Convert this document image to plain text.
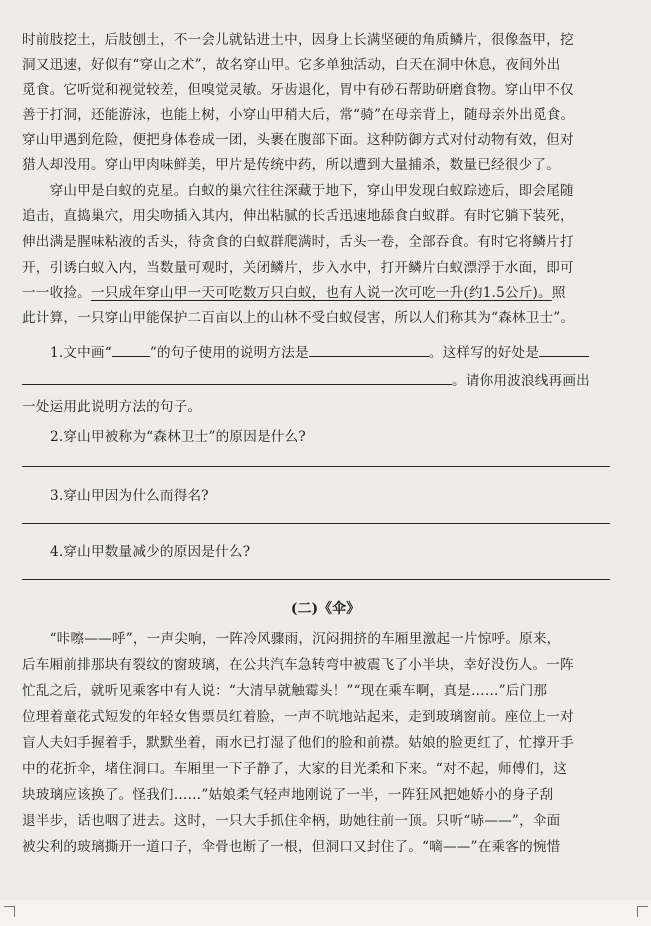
时前肢挖土，后肢刨土，不一会儿就钻进土中，因身上长满坚硬的角质鳞片，很像盔甲，挖
洞又迅速，好似有“穿山之术”，故名穿山甲。它多单独活动，白天在洞中休息，夜间外出
觅食。它听觉和视觉较差，但嗅觉灵敏。牙齿退化，胃中有砂石帮助研磨食物。穿山甲不仅
善于打洞，还能游泳，也能上树，小穿山甲稍大后，常“骑”在母亲背上，随母亲外出觅食。
穿山甲遇到危险，便把身体卷成一团，头裹在腹部下面。这种防御方式对付动物有效，但对
猎人却没用。穿山甲肉味鲜美，甲片是传统中药，所以遭到大量捕杀，数量已经很少了。
　　穿山甲是白蚁的克星。白蚁的巢穴往往深藏于地下，穿山甲发现白蚁踪迹后，即会尾随
追击，直捣巢穴，用尖吻插入其内，伸出粘腻的长舌迅速地舔食白蚁群。有时它躺下装死，
伸出满是腥味粘液的舌头，待贪食的白蚁群爬满时，舌头一卷，全部吞食。有时它将鳞片打
开，引诱白蚁入内，当数量可观时，关闭鳞片，步入水中，打开鳞片白蚁漂浮于水面，即可
一一收捡。一只成年穿山甲一天可吃数万只白蚁，也有人说一次可吃一升(约1.5公斤)。照
此计算，一只穿山甲能保护二百亩以上的山林不受白蚁侵害，所以人们称其为“森林卫士”。
1.文中画“	”的句子使用的说明方法是	。这样写的好处是
。请你用波浪线再画出
一处运用此说明方法的句子。
2.穿山甲被称为“森林卫士”的原因是什么?
3.穿山甲因为什么而得名?
4.穿山甲数量减少的原因是什么?
(二)《伞》
　　“咔嚓——呼”，一声尖响，一阵冷风骤雨，沉闷拥挤的车厢里激起一片惊呼。原来，
后车厢前排那块有裂纹的窗玻璃，在公共汽车急转弯中被震飞了小半块，幸好没伤人。一阵
忙乱之后，就听见乘客中有人说：“大清早就触霉头！”“现在乘车啊，真是……”后门那
位理着童花式短发的年轻女售票员红着脸，一声不吭地站起来，走到玻璃窗前。座位上一对
盲人夫妇手握着手，默默坐着，雨水已打湿了他们的脸和前襟。姑娘的脸更红了，忙撑开手
中的花折伞，堵住洞口。车厢里一下子静了，大家的目光柔和下来。“对不起，师傅们，这
块玻璃应该换了。怪我们……”姑娘柔气轻声地刚说了一半，一阵狂风把她娇小的身子刮
退半步，话也咽了进去。这时，一只大手抓住伞柄，助她往前一顶。只听“哧——”，伞面
被尖利的玻璃撕开一道口子，伞骨也断了一根，但洞口又封住了。“嘀——”在乘客的惋惜
